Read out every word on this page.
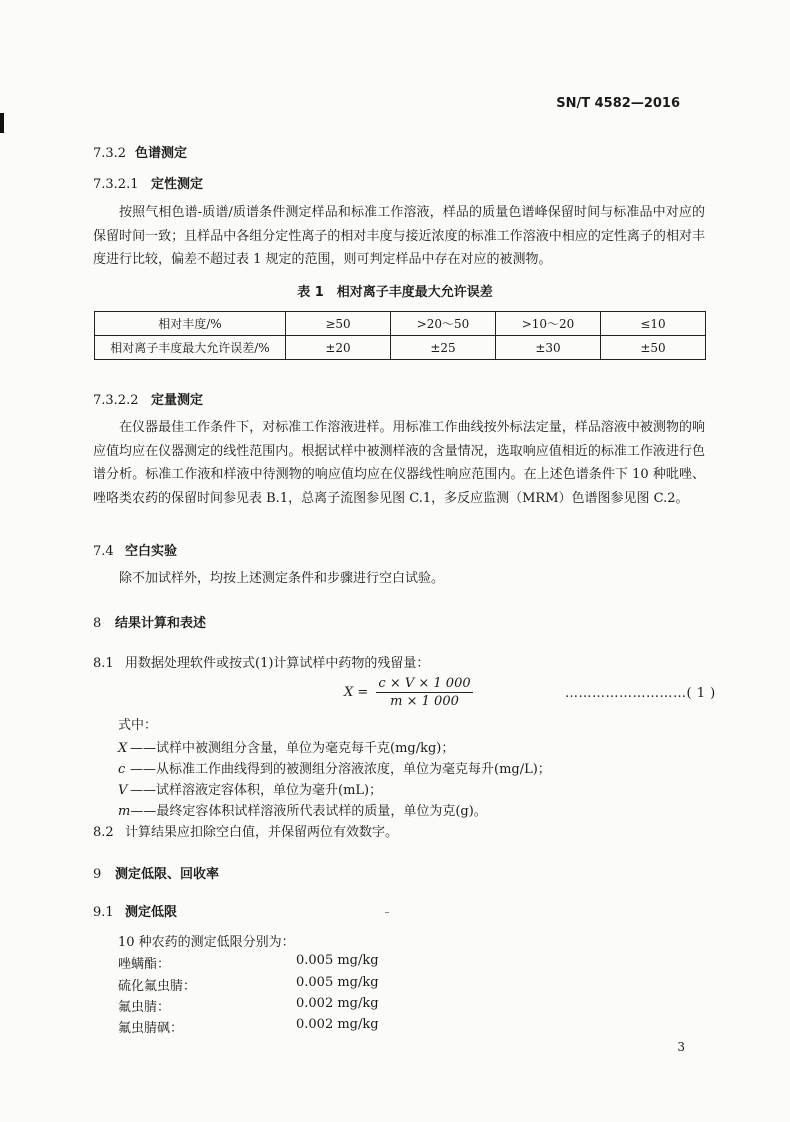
SN/T 4582—2016
7.3.2 色谱测定
7.3.2.1 定性测定
按照气相色谱-质谱/质谱条件测定样品和标准工作溶液，样品的质量色谱峰保留时间与标准品中对应的保留时间一致；且样品中各组分定性离子的相对丰度与接近浓度的标准工作溶液中相应的定性离子的相对丰度进行比较，偏差不超过表 1 规定的范围，则可判定样品中存在对应的被测物。
表 1　相对离子丰度最大允许误差
相对丰度/%	≥50	>20～50	>10～20	≤10
相对离子丰度最大允许误差/%	±20	±25	±30	±50
7.3.2.2 定量测定
在仪器最佳工作条件下，对标准工作溶液进样。用标准工作曲线按外标法定量，样品溶液中被测物的响应值均应在仪器测定的线性范围内。根据试样中被测样液的含量情况，选取响应值相近的标准工作液进行色谱分析。标准工作液和样液中待测物的响应值均应在仪器线性响应范围内。在上述色谱条件下 10 种吡唑、唑咯类农药的保留时间参见表 B.1，总离子流图参见图 C.1，多反应监测（MRM）色谱图参见图 C.2。
7.4 空白实验
除不加试样外，均按上述测定条件和步骤进行空白试验。
8 结果计算和表述
8.1 用数据处理软件或按式(1)计算试样中药物的残留量：
$X = \frac{c \times V \times 1 000}{m \times 1 000}$	………………………( 1 )
式中：
X ——试样中被测组分含量，单位为毫克每千克(mg/kg)；
c ——从标准工作曲线得到的被测组分溶液浓度，单位为毫克每升(mg/L)；
V ——试样溶液定容体积，单位为毫升(mL)；
m——最终定容体积试样溶液所代表试样的质量，单位为克(g)。
8.2 计算结果应扣除空白值，并保留两位有效数字。
9 测定低限、回收率
9.1 测定低限
10 种农药的测定低限分别为：
唑螨酯：	0.005 mg/kg
硫化氟虫腈：	0.005 mg/kg
氟虫腈：	0.002 mg/kg
氟虫腈砜：	0.002 mg/kg
3
